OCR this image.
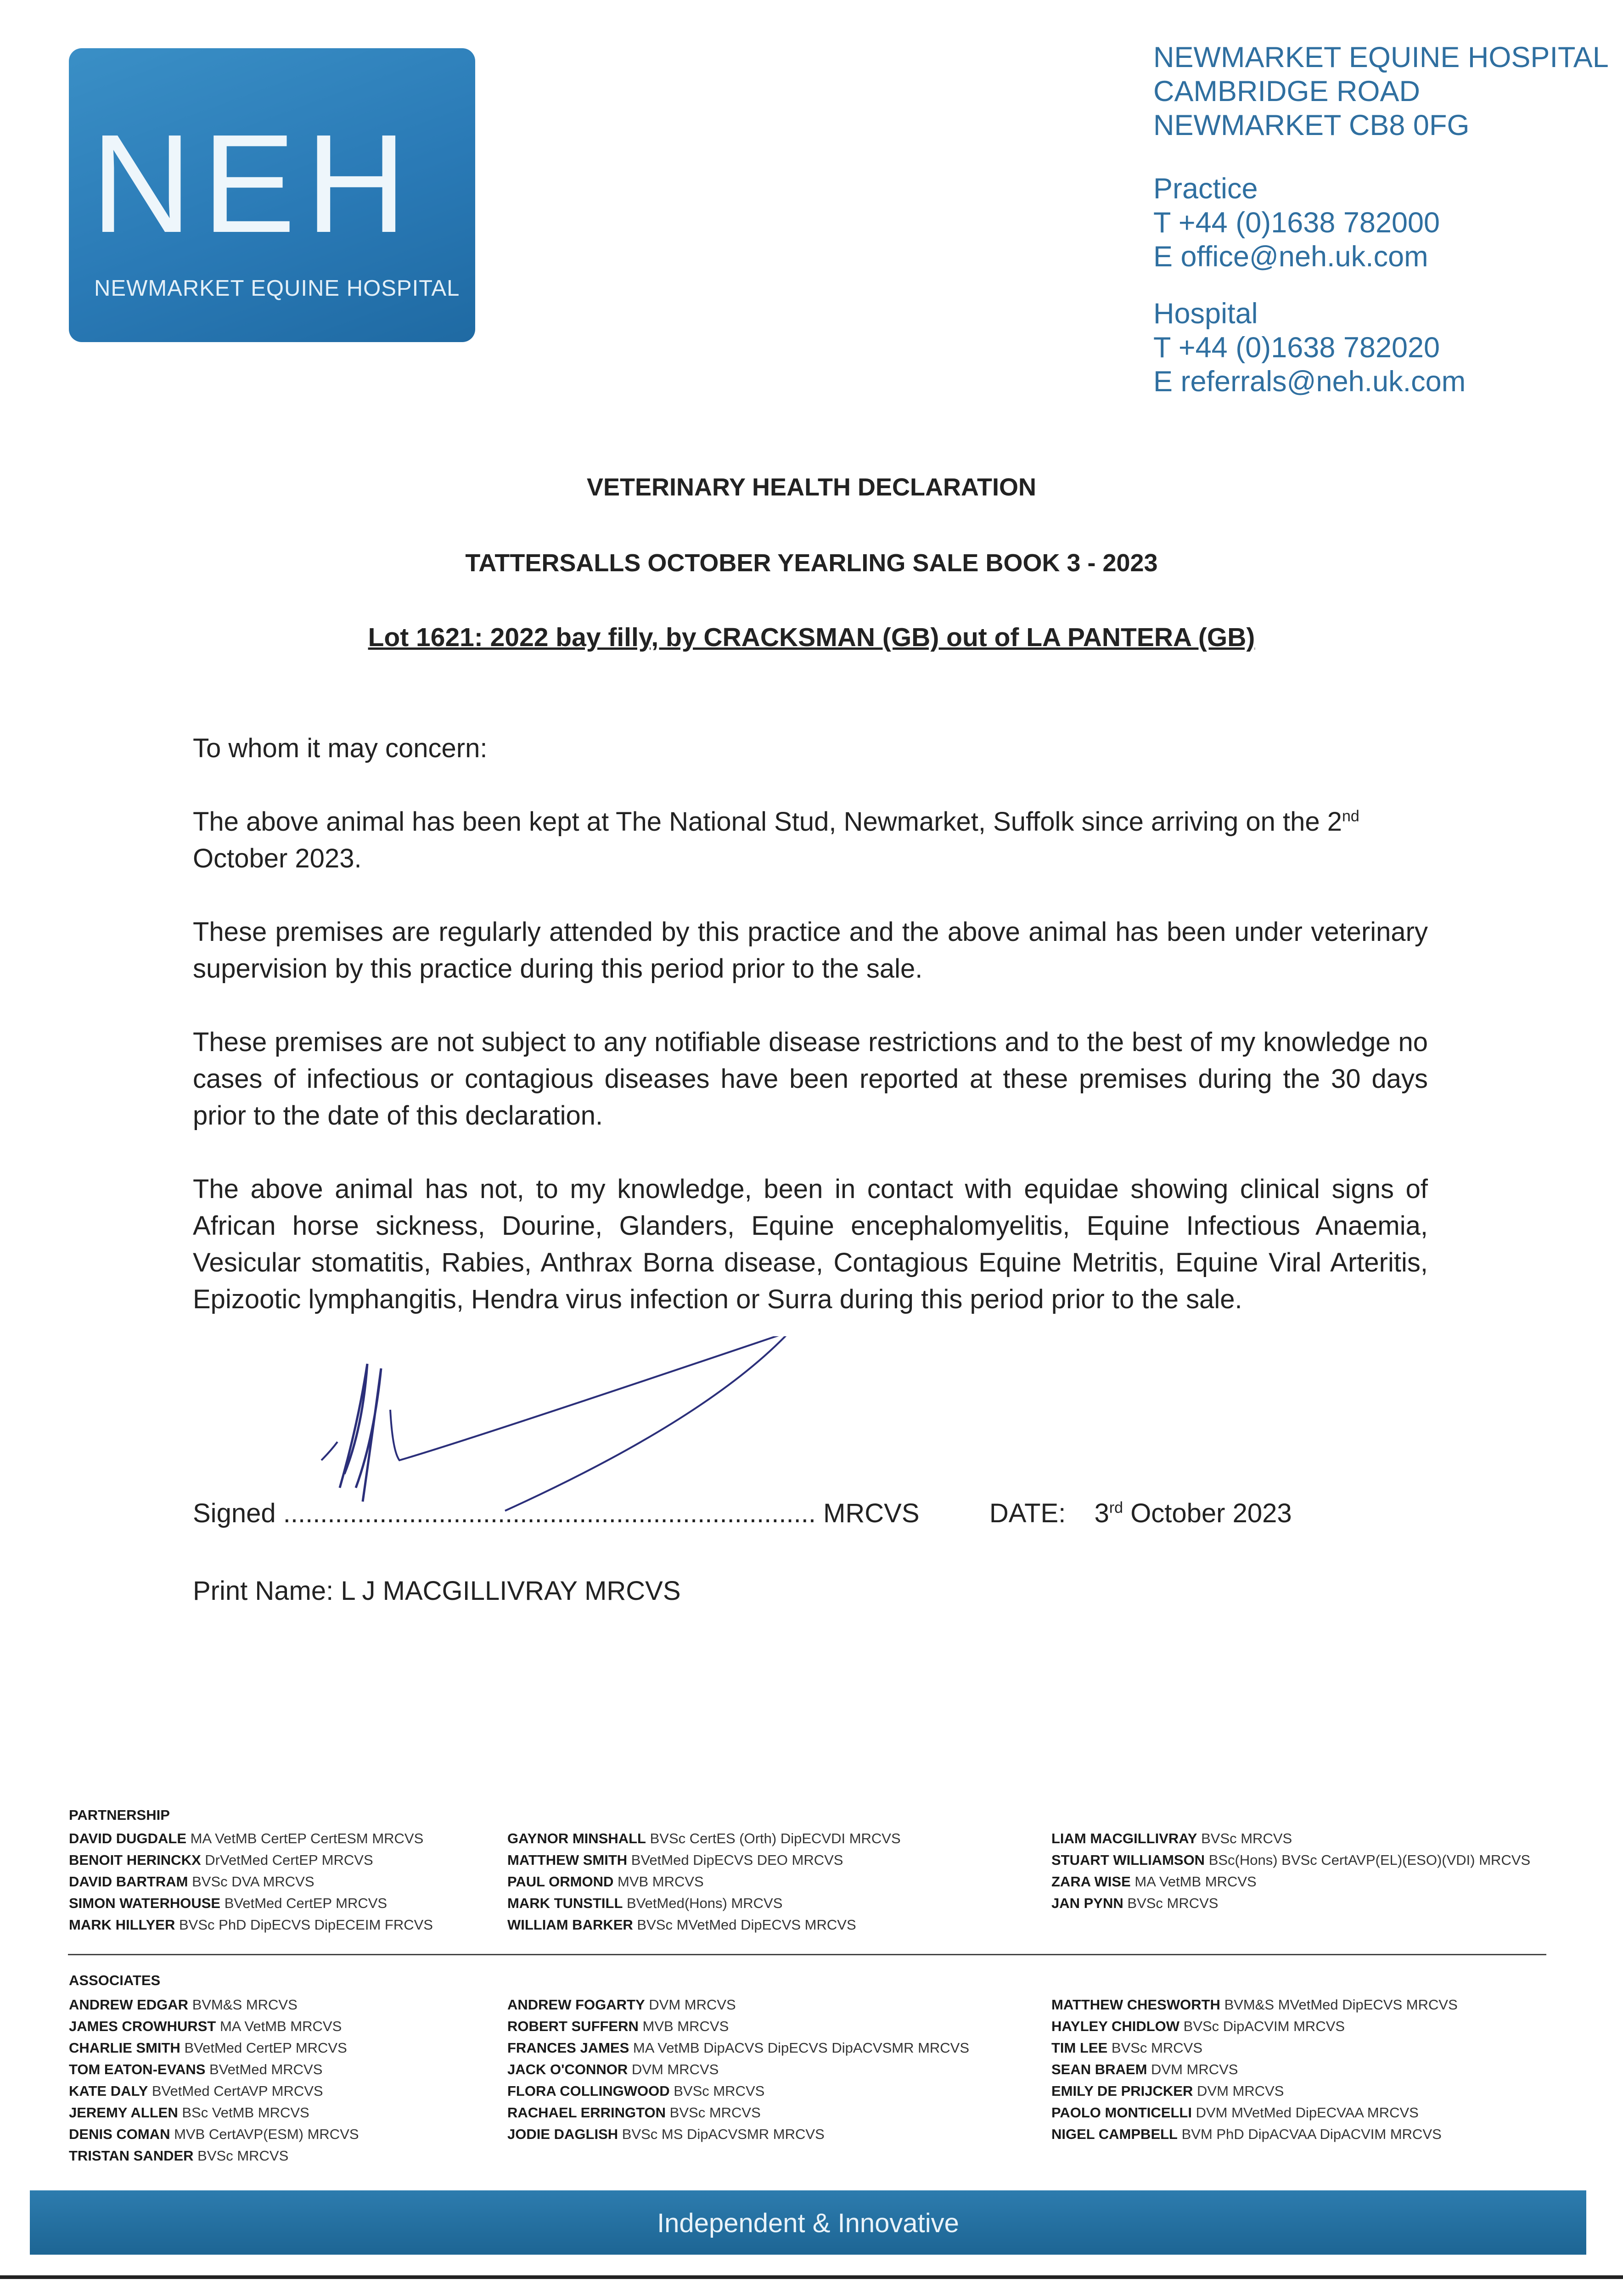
NEH
NEWMARKET EQUINE HOSPITAL
NEWMARKET EQUINE HOSPITAL
CAMBRIDGE ROAD
NEWMARKET CB8 0FG
Practice
T +44 (0)1638 782000
E office@neh.uk.com
Hospital
T +44 (0)1638 782020
E referrals@neh.uk.com
VETERINARY HEALTH DECLARATION
TATTERSALLS OCTOBER YEARLING SALE BOOK 3 - 2023
Lot 1621: 2022 bay filly, by CRACKSMAN (GB) out of LA PANTERA (GB)
To whom it may concern:
The above animal has been kept at The National Stud, Newmarket, Suffolk since arriving on the 2nd
October 2023.
These premises are regularly attended by this practice and the above animal has been under veterinary supervision by this practice during this period prior to the sale.
These premises are not subject to any notifiable disease restrictions and to the best of my knowledge no cases of infectious or contagious diseases have been reported at these premises during the 30 days prior to the date of this declaration.
The above animal has not, to my knowledge, been in contact with equidae showing clinical signs of African horse sickness, Dourine, Glanders, Equine encephalomyelitis, Equine Infectious Anaemia, Vesicular stomatitis, Rabies, Anthrax Borna disease, Contagious Equine Metritis, Equine Viral Arteritis, Epizootic lymphangitis, Hendra virus infection or Surra during this period prior to the sale.
Signed ........................................................................ MRCVS	DATE: 3rd October 2023
Print Name: L J MACGILLIVRAY MRCVS
PARTNERSHIP
DAVID DUGDALE MA VetMB CertEP CertESM MRCVS
BENOIT HERINCKX DrVetMed CertEP MRCVS
DAVID BARTRAM BVSc DVA MRCVS
SIMON WATERHOUSE BVetMed CertEP MRCVS
MARK HILLYER BVSc PhD DipECVS DipECEIM FRCVS
GAYNOR MINSHALL BVSc CertES (Orth) DipECVDI MRCVS
MATTHEW SMITH BVetMed DipECVS DEO MRCVS
PAUL ORMOND MVB MRCVS
MARK TUNSTILL BVetMed(Hons) MRCVS
WILLIAM BARKER BVSc MVetMed DipECVS MRCVS
LIAM MACGILLIVRAY BVSc MRCVS
STUART WILLIAMSON BSc(Hons) BVSc CertAVP(EL)(ESO)(VDI) MRCVS
ZARA WISE MA VetMB MRCVS
JAN PYNN BVSc MRCVS
ASSOCIATES
ANDREW EDGAR BVM&S MRCVS
JAMES CROWHURST MA VetMB MRCVS
CHARLIE SMITH BVetMed CertEP MRCVS
TOM EATON-EVANS BVetMed MRCVS
KATE DALY BVetMed CertAVP MRCVS
JEREMY ALLEN BSc VetMB MRCVS
DENIS COMAN MVB CertAVP(ESM) MRCVS
TRISTAN SANDER BVSc MRCVS
ANDREW FOGARTY DVM MRCVS
ROBERT SUFFERN MVB MRCVS
FRANCES JAMES MA VetMB DipACVS DipECVS DipACVSMR MRCVS
JACK O'CONNOR DVM MRCVS
FLORA COLLINGWOOD BVSc MRCVS
RACHAEL ERRINGTON BVSc MRCVS
JODIE DAGLISH BVSc MS DipACVSMR MRCVS
MATTHEW CHESWORTH BVM&S MVetMed DipECVS MRCVS
HAYLEY CHIDLOW BVSc DipACVIM MRCVS
TIM LEE BVSc MRCVS
SEAN BRAEM DVM MRCVS
EMILY DE PRIJCKER DVM MRCVS
PAOLO MONTICELLI DVM MVetMed DipECVAA MRCVS
NIGEL CAMPBELL BVM PhD DipACVAA DipACVIM MRCVS
Independent & Innovative
